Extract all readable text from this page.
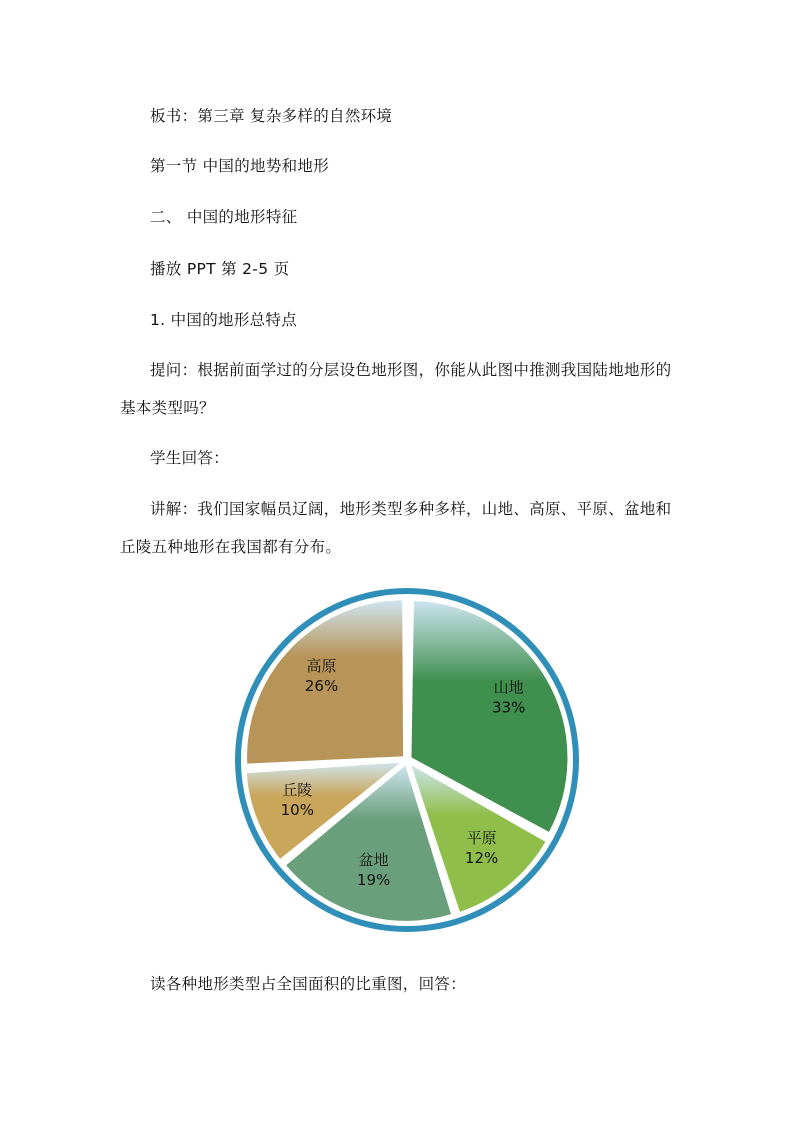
板书：第三章 复杂多样的自然环境
第一节 中国的地势和地形
二、 中国的地形特征
播放 PPT 第 2-5 页
1. 中国的地形总特点
提问：根据前面学过的分层设色地形图，你能从此图中推测我国陆地地形的
基本类型吗？
学生回答：
讲解：我们国家幅员辽阔，地形类型多种多样，山地、高原、平原、盆地和
丘陵五种地形在我国都有分布。
山地
33%
平原
12%
盆地
19%
丘陵
10%
高原
26%
读各种地形类型占全国面积的比重图，回答：
